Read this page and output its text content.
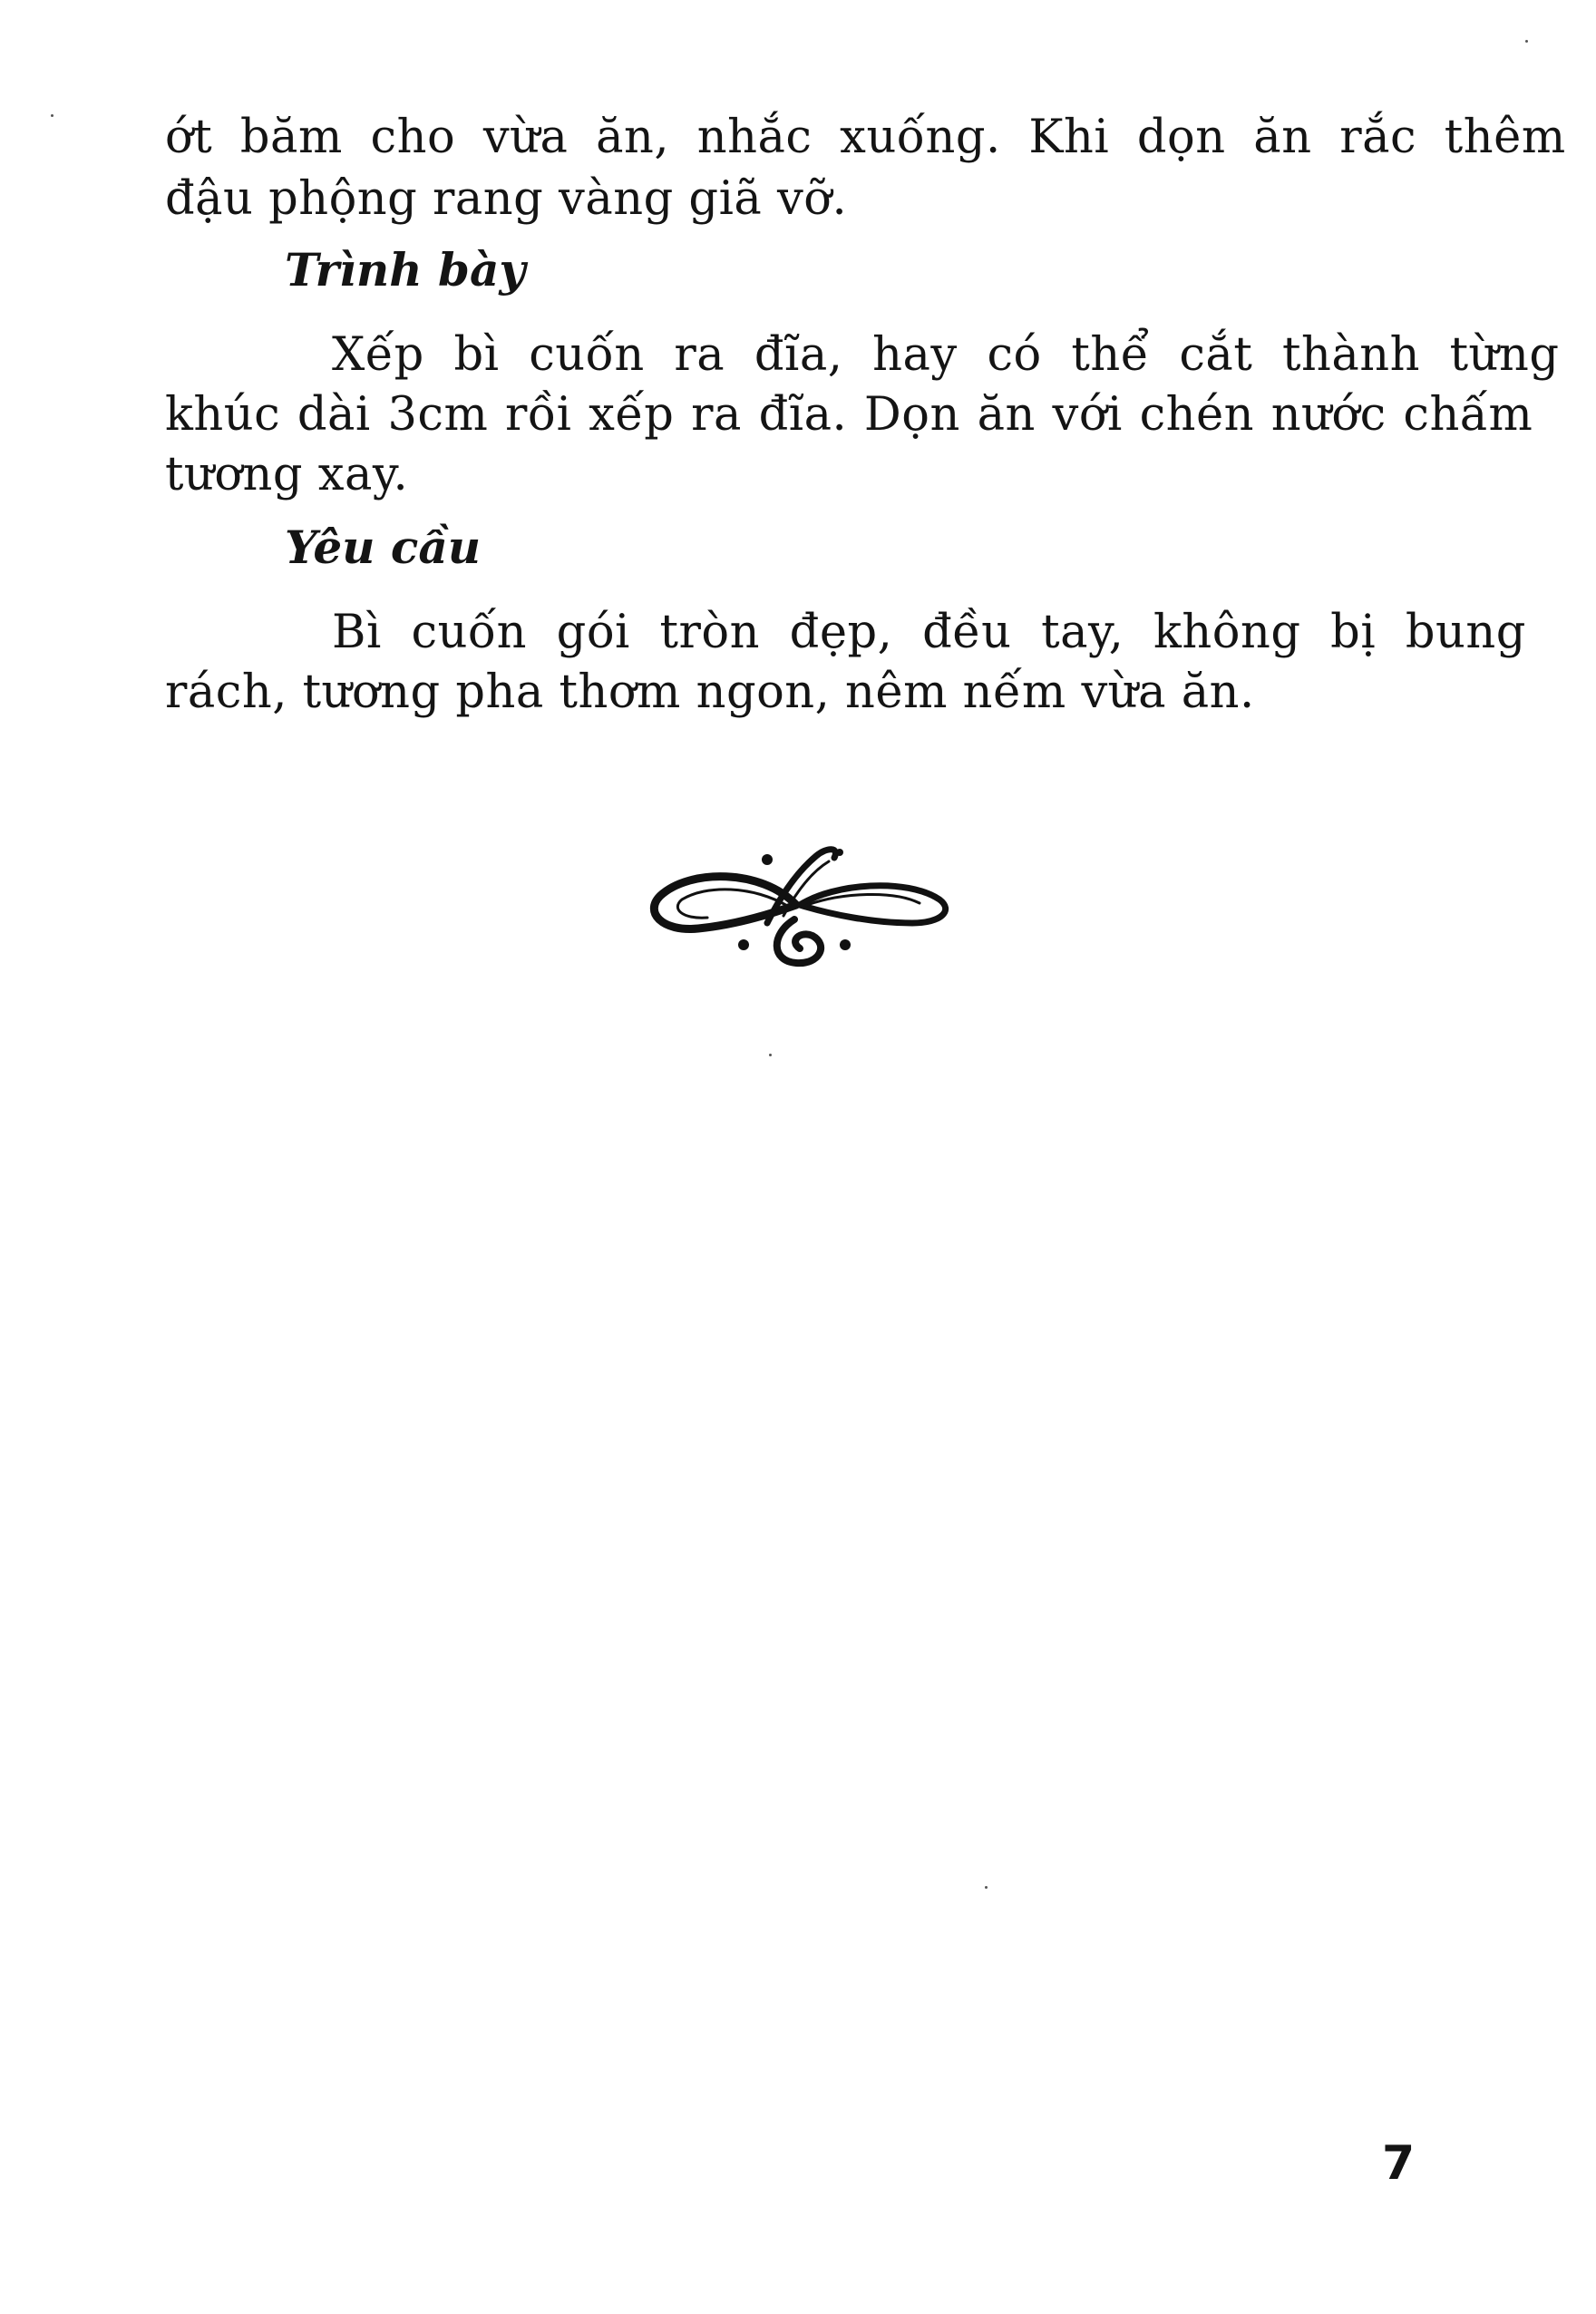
ớt băm cho vừa ăn, nhắc xuống. Khi dọn ăn rắc thêm
đậu phộng rang vàng giã vỡ.
Trình bày
Xếp bì cuốn ra đĩa, hay có thể cắt thành từng
khúc dài 3cm rồi xếp ra đĩa. Dọn ăn với chén nước chấm
tương xay.
Yêu cầu
Bì cuốn gói tròn đẹp, đều tay, không bị bung
rách, tương pha thơm ngon, nêm nếm vừa ăn.
7
